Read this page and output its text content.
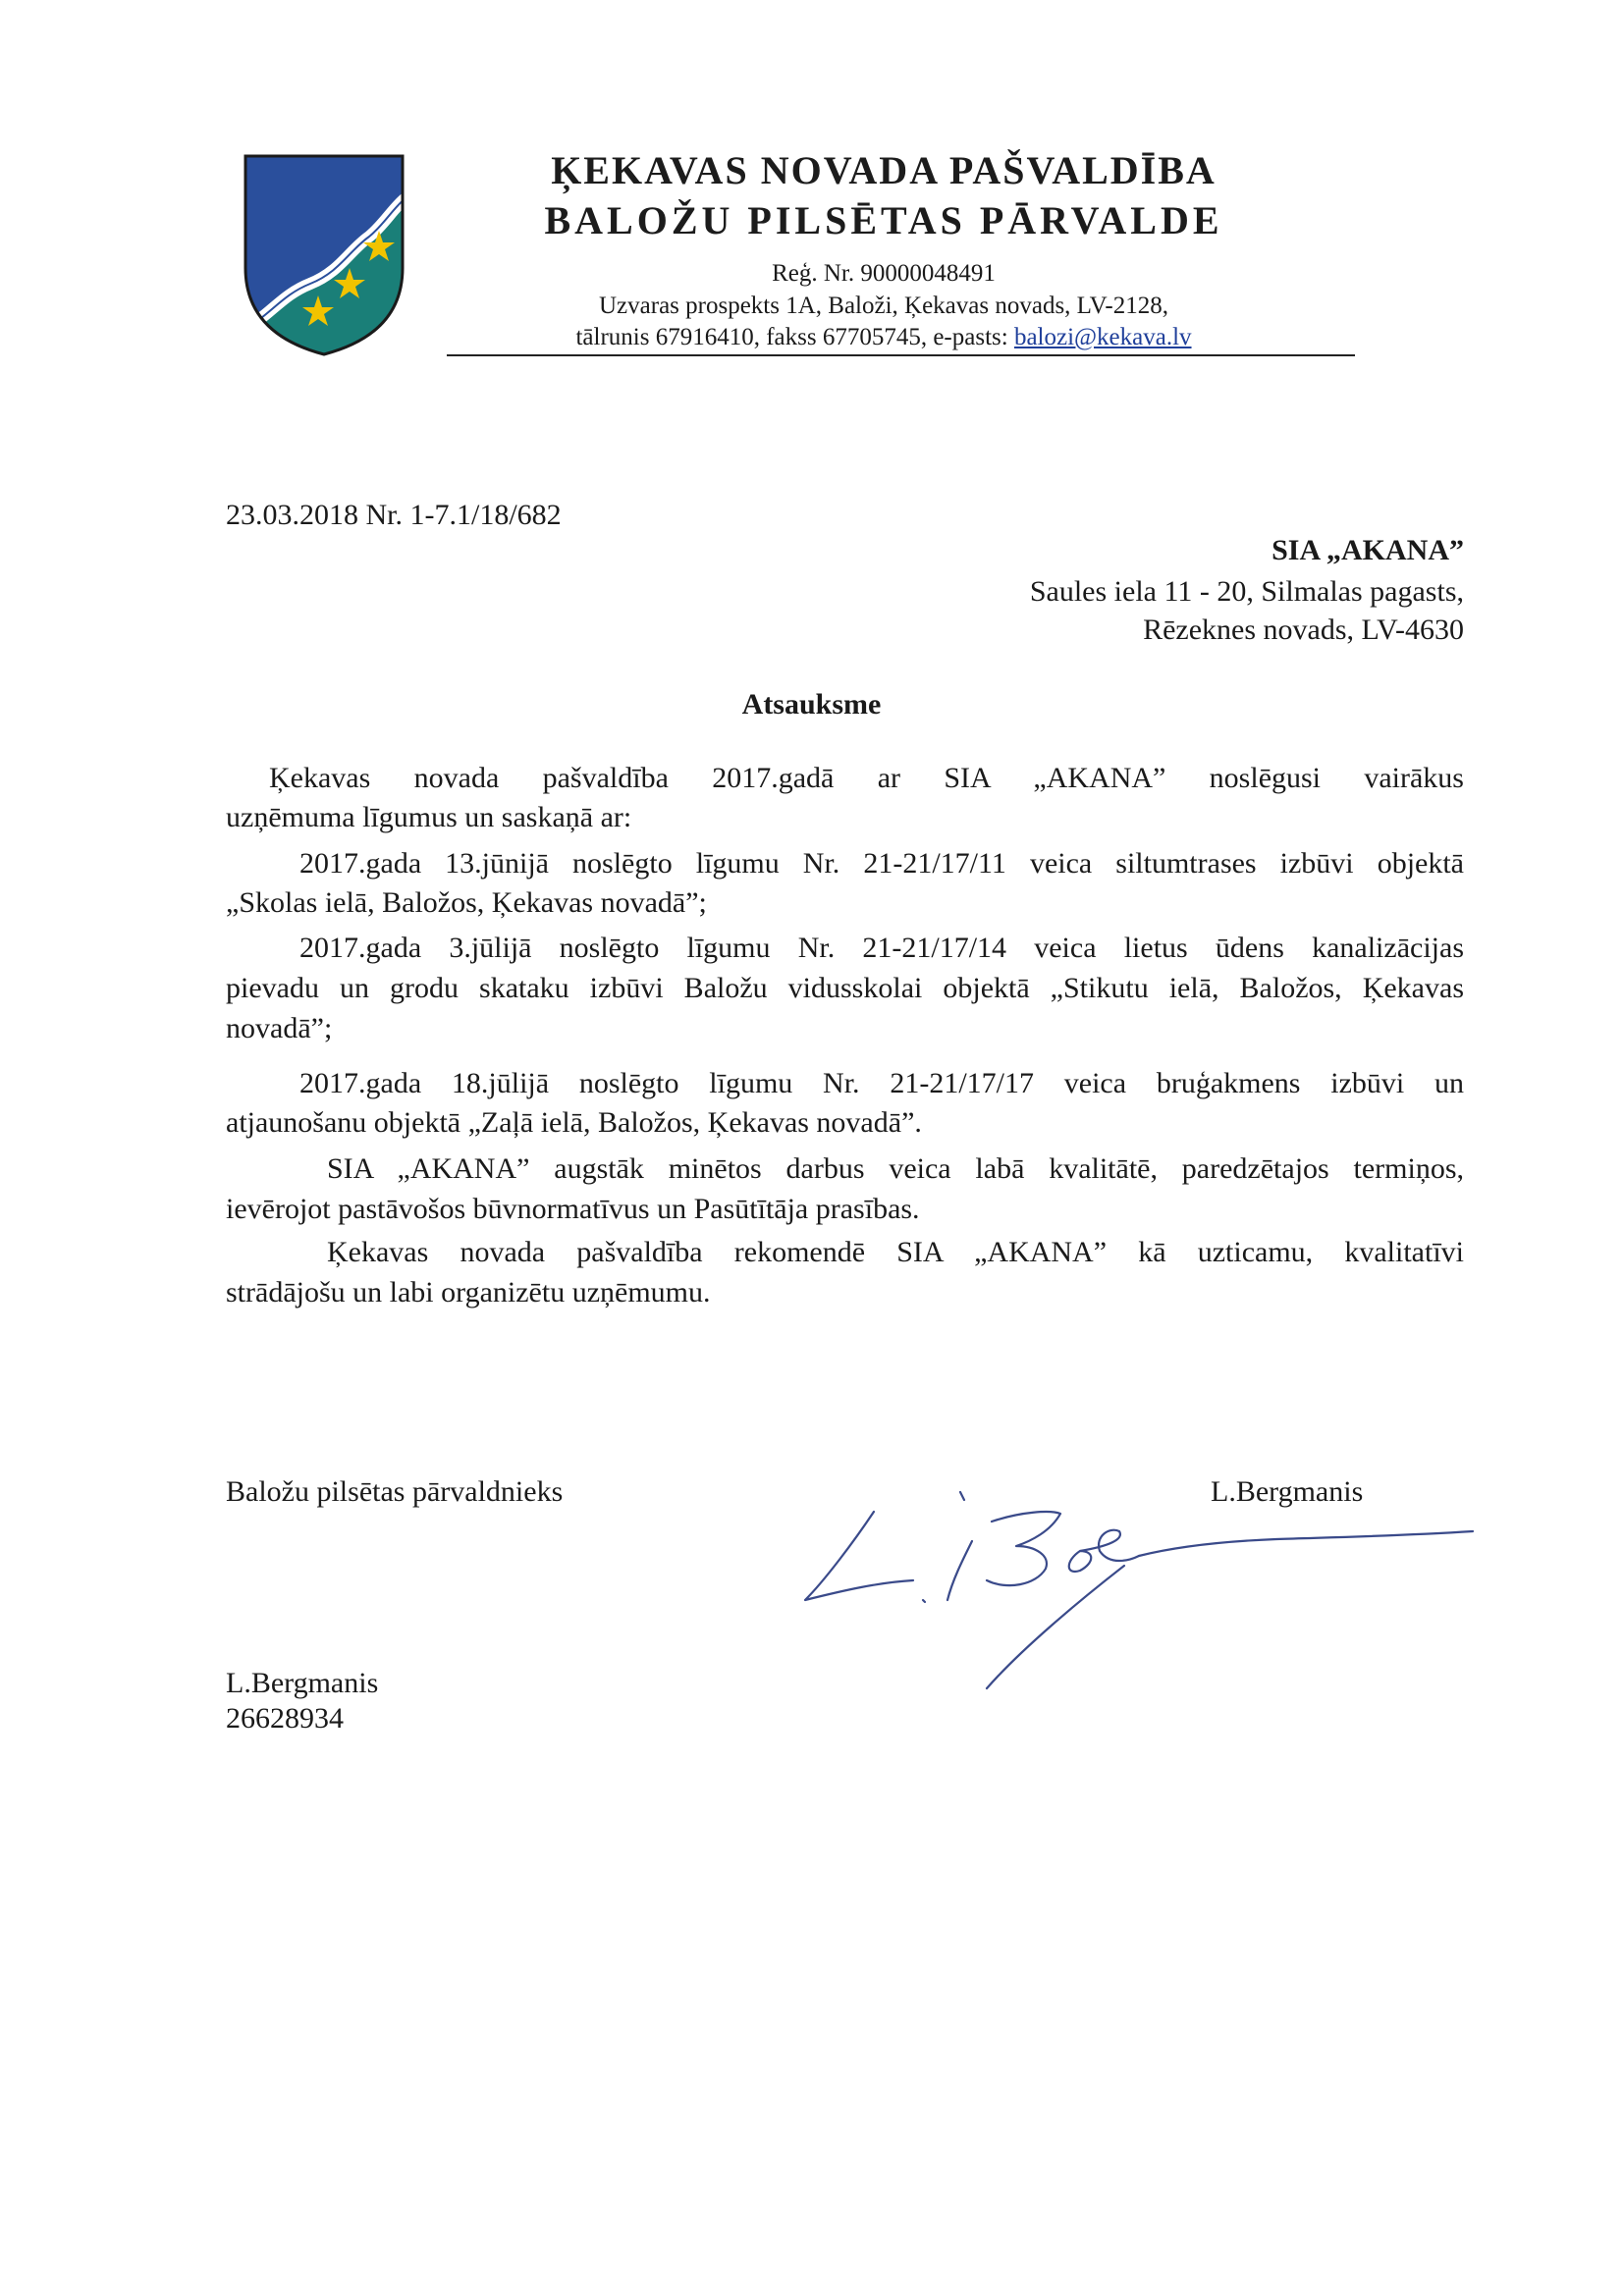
ĶEKAVAS NOVADA PAŠVALDĪBA
BALOŽU PILSĒTAS PĀRVALDE
Reģ. Nr. 90000048491
Uzvaras prospekts 1A, Baloži, Ķekavas novads, LV-2128,
tālrunis 67916410, fakss 67705745, e-pasts: balozi@kekava.lv
23.03.2018 Nr. 1-7.1/18/682
SIA „AKANA”
Saules iela 11 - 20, Silmalas pagasts,
Rēzeknes novads, LV-4630
Atsauksme
Ķekavas novada pašvaldība 2017.gadā ar SIA „AKANA” noslēgusi vairākus
uzņēmuma līgumus un saskaņā ar:
2017.gada 13.jūnijā noslēgto līgumu Nr. 21-21/17/11 veica siltumtrases izbūvi objektā
„Skolas ielā, Baložos, Ķekavas novadā”;
2017.gada 3.jūlijā noslēgto līgumu Nr. 21-21/17/14 veica lietus ūdens kanalizācijas
pievadu un grodu skataku izbūvi Baložu vidusskolai objektā „Stikutu ielā, Baložos, Ķekavas
novadā”;
2017.gada 18.jūlijā noslēgto līgumu Nr. 21-21/17/17 veica bruģakmens izbūvi un
atjaunošanu objektā „Zaļā ielā, Baložos, Ķekavas novadā”.
SIA „AKANA” augstāk minētos darbus veica labā kvalitātē, paredzētajos termiņos,
ievērojot pastāvošos būvnormatīvus un Pasūtītāja prasības.
Ķekavas novada pašvaldība rekomendē SIA „AKANA” kā uzticamu, kvalitatīvi
strādājošu un labi organizētu uzņēmumu.
Baložu pilsētas pārvaldnieks	L.Bergmanis
L.Bergmanis
26628934
